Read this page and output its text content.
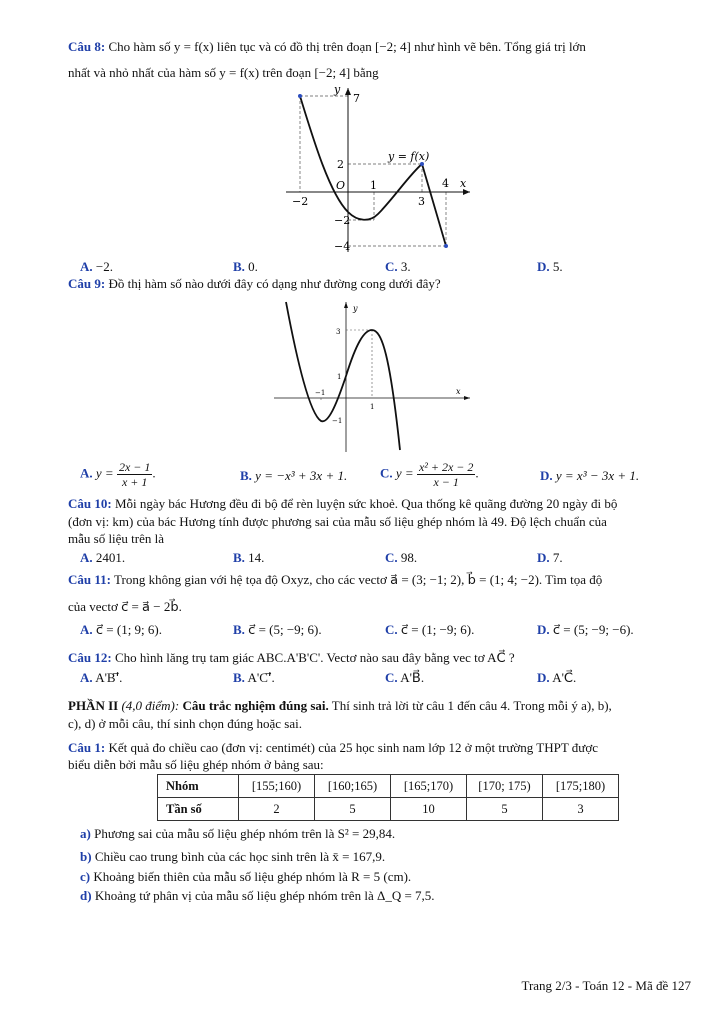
Câu 8: Cho hàm số y = f(x) liên tục và có đồ thị trên đoạn [−2; 4] như hình vẽ bên. Tổng giá trị lớn
nhất và nhỏ nhất của hàm số y = f(x) trên đoạn [−2; 4] bằng
y
x
O
y = f(x)
7
2
−2
−4
−2
1
3
4
A. −2.	B. 0.	C. 3.	D. 5.
Câu 9: Đồ thị hàm số nào dưới đây có dạng như đường cong dưới đây?
y
x
3
1
−1
−1
1
A. $y = \frac{2x - 1}{x + 1}$ .	B. y = −x³ + 3x + 1.	C. $y = \frac{\text{x² + 2x − 2}}{x - 1}$ .	D. y = x³ − 3x + 1.
Câu 10: Mỗi ngày bác Hương đều đi bộ để rèn luyện sức khoẻ. Qua thống kê quãng đường 20 ngày đi bộ
(đơn vị: km) của bác Hương tính được phương sai của mẫu số liệu ghép nhóm là 49. Độ lệch chuẩn của
mẫu số liệu trên là
A. 2401.	B. 14.	C. 98.	D. 7.
Câu 11: Trong không gian với hệ tọa độ Oxyz, cho các vectơ a⃗ = (3; −1; 2), b⃗ = (1; 4; −2). Tìm tọa độ
của vectơ c⃗ = a⃗ − 2b⃗.
A. c⃗ = (1; 9; 6).	B. c⃗ = (5; −9; 6).	C. c⃗ = (1; −9; 6).	D. c⃗ = (5; −9; −6).
Câu 12: Cho hình lăng trụ tam giác ABC.A'B'C'. Vectơ nào sau đây bằng vec tơ AC⃗ ?
A. A'B'⃗.	B. A'C'⃗.	C. A'B⃗.	D. A'C⃗.
PHẦN II (4,0 điểm): Câu trắc nghiệm đúng sai. Thí sinh trả lời từ câu 1 đến câu 4. Trong mỗi ý a), b),
c), d) ở mỗi câu, thí sinh chọn đúng hoặc sai.
Câu 1: Kết quả đo chiều cao (đơn vị: centimét) của 25 học sinh nam lớp 12 ở một trường THPT được
biểu diễn bởi mẫu số liệu ghép nhóm ở bảng sau:
Nhóm	[155;160)	[160;165)	[165;170)	[170; 175)	[175;180)
Tần số	2	5	10	5	3
a) Phương sai của mẫu số liệu ghép nhóm trên là S² = 29,84.
b) Chiều cao trung bình của các học sinh trên là x̄ = 167,9.
c) Khoảng biến thiên của mẫu số liệu ghép nhóm là R = 5 (cm).
d) Khoảng tứ phân vị của mẫu số liệu ghép nhóm trên là Δ_Q = 7,5.
Trang 2/3 - Toán 12 - Mã đề 127
